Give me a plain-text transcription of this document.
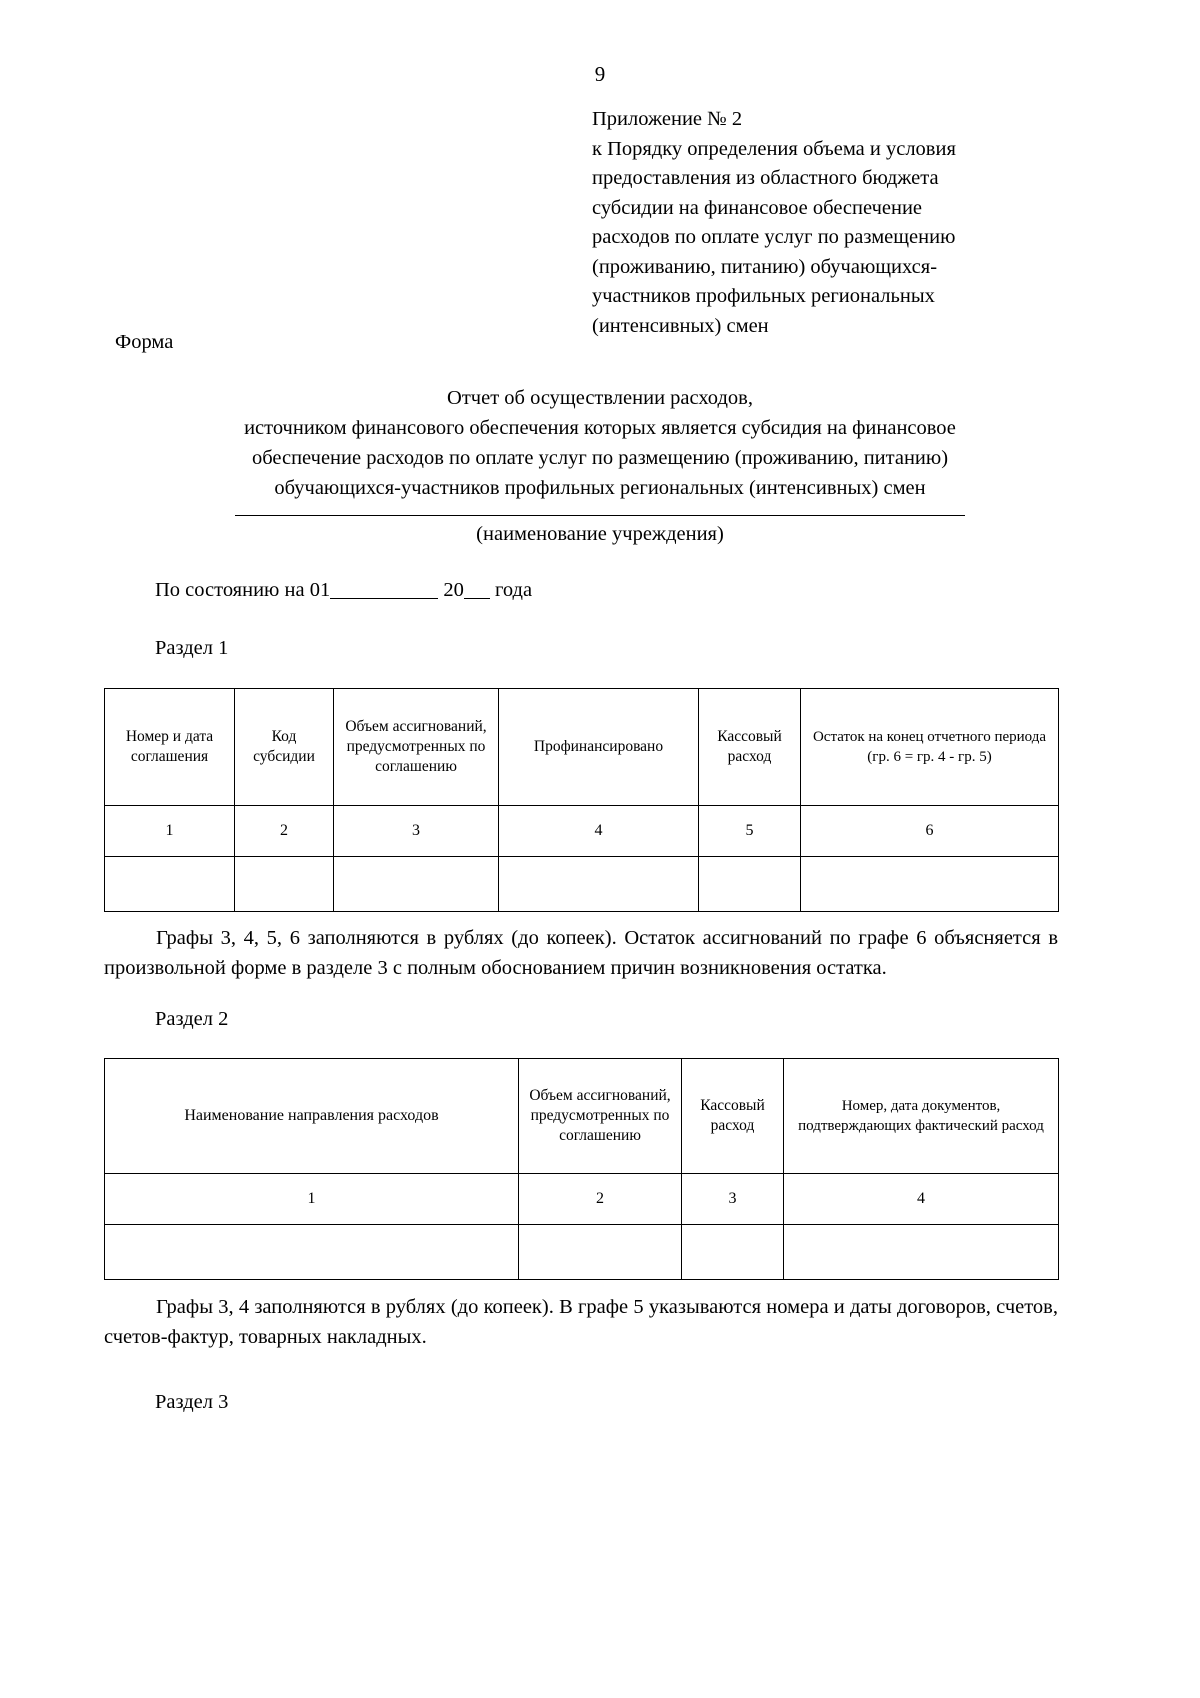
9
Приложение № 2
к Порядку определения объема и условия
предоставления из областного бюджета
субсидии на финансовое обеспечение
расходов по оплате услуг по размещению
(проживанию, питанию) обучающихся-
участников профильных региональных
(интенсивных) смен
Форма
Отчет об осуществлении расходов,
источником финансового обеспечения которых является субсидия на финансовое
обеспечение расходов по оплате услуг по размещению (проживанию, питанию)
обучающихся-участников профильных региональных (интенсивных) смен
(наименование учреждения)
По состоянию на 01	20 года
Раздел 1
Номер и дата соглашения	Код субсидии	Объем ассигнований, предусмотренных по соглашению	Профинансировано	Кассовый расход	Остаток на конец отчетного периода (гр. 6 = гр. 4 - гр. 5)
1	2	3	4	5	6

Графы 3, 4, 5, 6 заполняются в рублях (до копеек). Остаток ассигнований по графе 6 объясняется в произвольной форме в разделе 3 с полным обоснованием причин возникновения остатка.
Раздел 2
Наименование направления расходов	Объем ассигнований, предусмотренных по соглашению	Кассовый расход	Номер, дата документов, подтверждающих фактический расход
1	2	3	4

Графы 3, 4 заполняются в рублях (до копеек). В графе 5 указываются номера и даты договоров, счетов, счетов-фактур, товарных накладных.
Раздел 3
